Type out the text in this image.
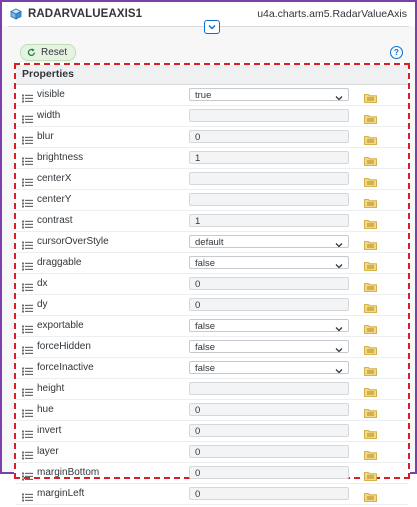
RADARVALUEAXIS1	u4a.charts.am5.RadarValueAxis
Reset	?
Properties
visible	true
width
blur	0
brightness	1
centerX
centerY
contrast	1
cursorOverStyle	default
draggable	false
dx	0
dy	0
exportable	false
forceHidden	false
forceInactive	false
height
hue	0
invert	0
layer	0
marginBottom	0
marginLeft	0
